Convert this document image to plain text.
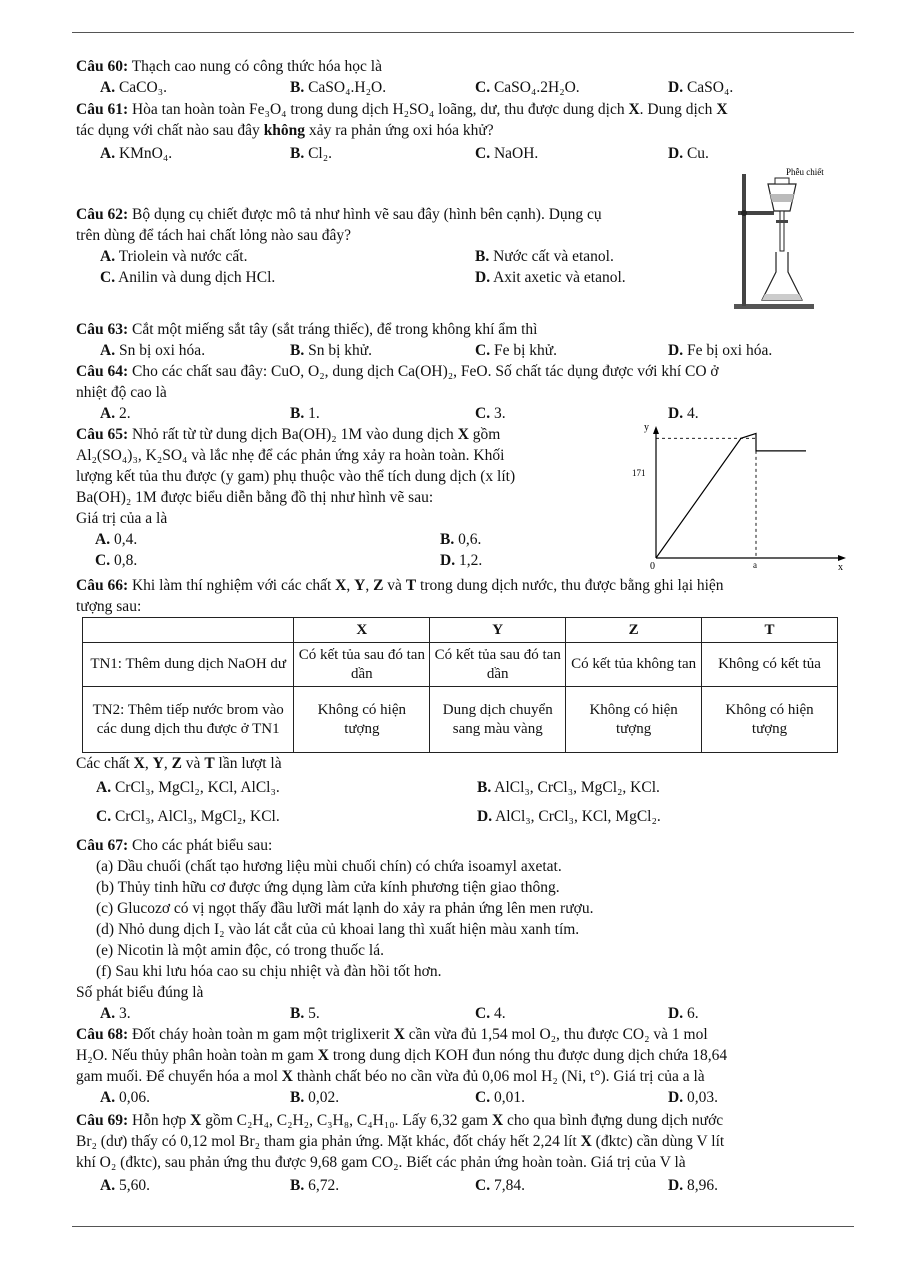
Câu 60: Thạch cao nung có công thức hóa học là
A. CaCO₃.	B. CaSO₄.H₂O.	C. CaSO₄.2H₂O.	D. CaSO₄.
Câu 61: Hòa tan hoàn toàn Fe₃O₄ trong dung dịch H₂SO₄ loãng, dư, thu được dung dịch X. Dung dịch X
tác dụng với chất nào sau đây không xảy ra phản ứng oxi hóa khử?
A. KMnO₄.	B. Cl₂.	C. NaOH.	D. Cu.
Phễu chiết
Câu 62: Bộ dụng cụ chiết được mô tả như hình vẽ sau đây (hình bên cạnh). Dụng cụ
trên dùng để tách hai chất lỏng nào sau đây?
A. Triolein và nước cất.	B. Nước cất và etanol.
C. Anilin và dung dịch HCl.	D. Axit axetic và etanol.
Câu 63: Cắt một miếng sắt tây (sắt tráng thiếc), để trong không khí ẩm thì
A. Sn bị oxi hóa.	B. Sn bị khử.	C. Fe bị khử.	D. Fe bị oxi hóa.
Câu 64: Cho các chất sau đây: CuO, O₂, dung dịch Ca(OH)₂, FeO. Số chất tác dụng được với khí CO ở
nhiệt độ cao là
A. 2.	B. 1.	C. 3.	D. 4.
Câu 65: Nhỏ rất từ từ dung dịch Ba(OH)₂ 1M vào dung dịch X gồm
Al₂(SO₄)₃, K₂SO₄ và lắc nhẹ để các phản ứng xảy ra hoàn toàn. Khối
lượng kết tủa thu được (y gam) phụ thuộc vào thể tích dung dịch (x lít)
Ba(OH)₂ 1M được biểu diễn bằng đồ thị như hình vẽ sau:
Giá trị của a là
A. 0,4.	B. 0,6.
C. 0,8.	D. 1,2.
y
x
0
171
a
Câu 66: Khi làm thí nghiệm với các chất X, Y, Z và T trong dung dịch nước, thu được bằng ghi lại hiện
tượng sau:
	X	Y	Z	T
TN1: Thêm dung dịch NaOH dư	Có kết tủa sau đó tan dần	Có kết tủa sau đó tan dần	Có kết tủa không tan	Không có kết tủa
TN2: Thêm tiếp nước brom vào các dung dịch thu được ở TN1	Không có hiện tượng	Dung dịch chuyển sang màu vàng	Không có hiện tượng	Không có hiện tượng
Các chất X, Y, Z và T lần lượt là
A. CrCl₃, MgCl₂, KCl, AlCl₃.	B. AlCl₃, CrCl₃, MgCl₂, KCl.
C. CrCl₃, AlCl₃, MgCl₂, KCl.	D. AlCl₃, CrCl₃, KCl, MgCl₂.
Câu 67: Cho các phát biểu sau:
(a) Dầu chuối (chất tạo hương liệu mùi chuối chín) có chứa isoamyl axetat.
(b) Thủy tinh hữu cơ được ứng dụng làm cửa kính phương tiện giao thông.
(c) Glucozơ có vị ngọt thấy đầu lưỡi mát lạnh do xảy ra phản ứng lên men rượu.
(d) Nhỏ dung dịch I₂ vào lát cắt của củ khoai lang thì xuất hiện màu xanh tím.
(e) Nicotin là một amin độc, có trong thuốc lá.
(f) Sau khi lưu hóa cao su chịu nhiệt và đàn hồi tốt hơn.
Số phát biểu đúng là
A. 3.	B. 5.	C. 4.	D. 6.
Câu 68: Đốt cháy hoàn toàn m gam một triglixerit X cần vừa đủ 1,54 mol O₂, thu được CO₂ và 1 mol
H₂O. Nếu thủy phân hoàn toàn m gam X trong dung dịch KOH đun nóng thu được dung dịch chứa 18,64
gam muối. Để chuyển hóa a mol X thành chất béo no cần vừa đủ 0,06 mol H₂ (Ni, t°). Giá trị của a là
A. 0,06.	B. 0,02.	C. 0,01.	D. 0,03.
Câu 69: Hỗn hợp X gồm C₂H₄, C₂H₂, C₃H₈, C₄H₁₀. Lấy 6,32 gam X cho qua bình đựng dung dịch nước
Br₂ (dư) thấy có 0,12 mol Br₂ tham gia phản ứng. Mặt khác, đốt cháy hết 2,24 lít X (đktc) cần dùng V lít
khí O₂ (đktc), sau phản ứng thu được 9,68 gam CO₂. Biết các phản ứng hoàn toàn. Giá trị của V là
A. 5,60.	B. 6,72.	C. 7,84.	D. 8,96.
